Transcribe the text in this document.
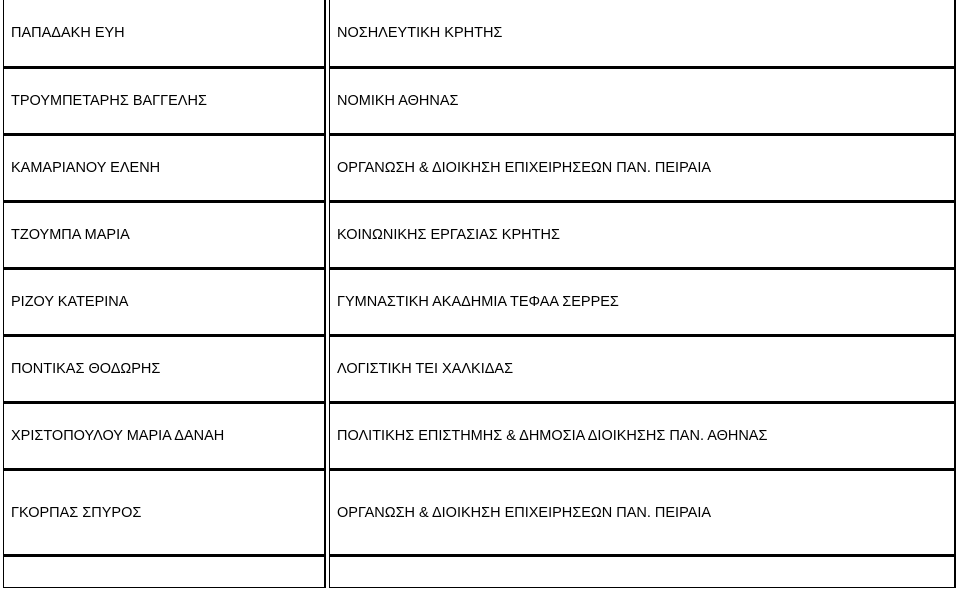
ΠΑΠΑΔΑΚΗ ΕΥΗ	ΝΟΣΗΛΕΥΤΙΚΗ ΚΡΗΤΗΣ
ΤΡΟΥΜΠΕΤΑΡΗΣ ΒΑΓΓΕΛΗΣ	ΝΟΜΙΚΗ ΑΘΗΝΑΣ
ΚΑΜΑΡΙΑΝΟΥ ΕΛΕΝΗ	ΟΡΓΑΝΩΣΗ & ΔΙΟΙΚΗΣΗ ΕΠΙΧΕΙΡΗΣΕΩΝ ΠΑΝ. ΠΕΙΡΑΙΑ
ΤΖΟΥΜΠΑ ΜΑΡΙΑ	ΚΟΙΝΩΝΙΚΗΣ ΕΡΓΑΣΙΑΣ ΚΡΗΤΗΣ
ΡΙΖΟΥ ΚΑΤΕΡΙΝΑ	ΓΥΜΝΑΣΤΙΚΗ ΑΚΑΔΗΜΙΑ ΤΕΦΑΑ ΣΕΡΡΕΣ
ΠΟΝΤΙΚΑΣ ΘΟΔΩΡΗΣ	ΛΟΓΙΣΤΙΚΗ ΤΕΙ ΧΑΛΚΙΔΑΣ
ΧΡΙΣΤΟΠΟΥΛΟΥ ΜΑΡΙΑ ΔΑΝΑΗ	ΠΟΛΙΤΙΚΗΣ ΕΠΙΣΤΗΜΗΣ & ΔΗΜΟΣΙΑ ΔΙΟΙΚΗΣΗΣ ΠΑΝ. ΑΘΗΝΑΣ
ΓΚΟΡΠΑΣ ΣΠΥΡΟΣ	ΟΡΓΑΝΩΣΗ & ΔΙΟΙΚΗΣΗ ΕΠΙΧΕΙΡΗΣΕΩΝ ΠΑΝ. ΠΕΙΡΑΙΑ
